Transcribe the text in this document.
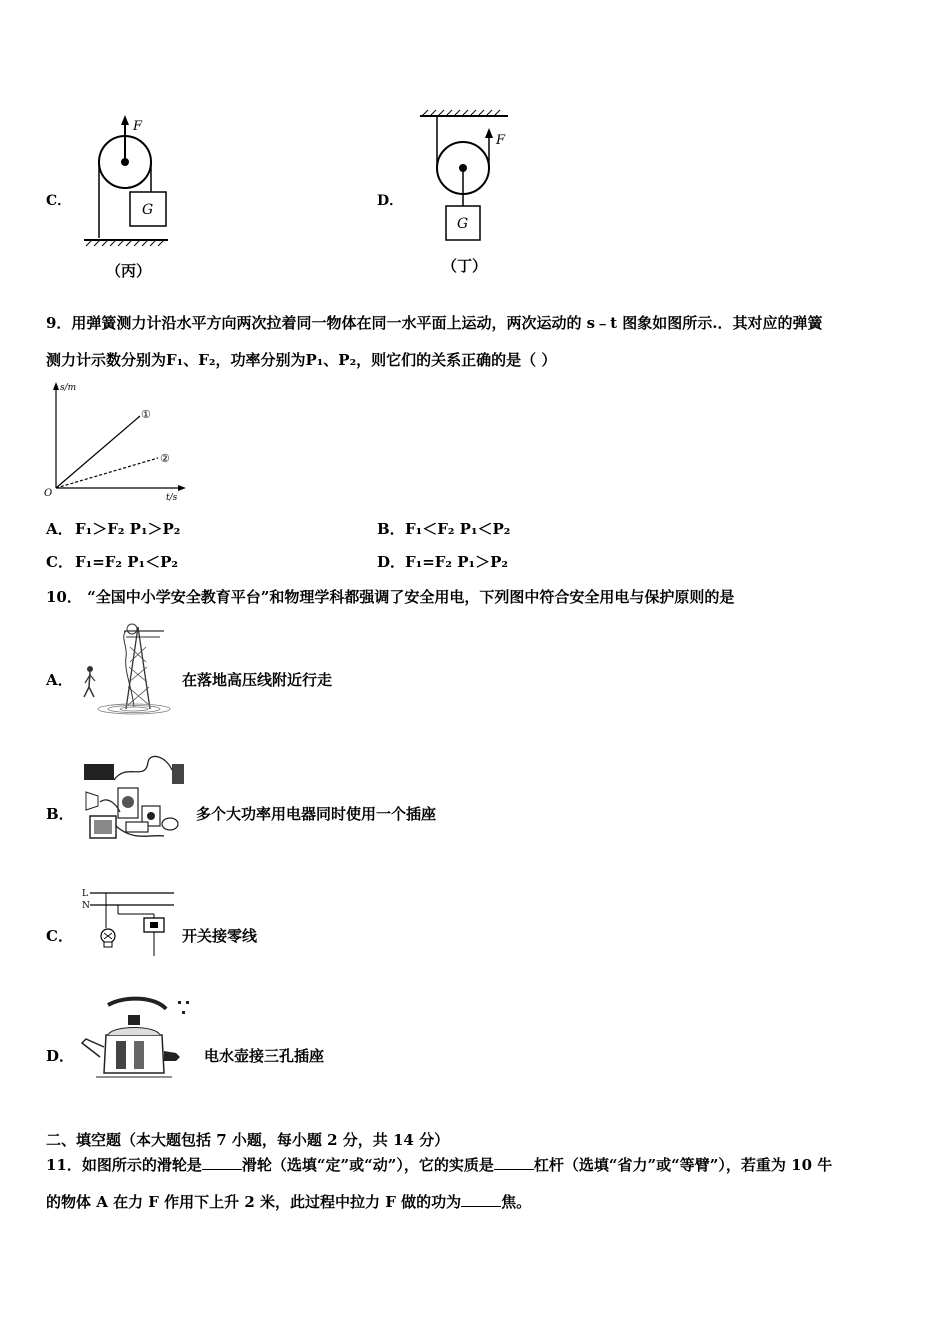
C．
F
G
（丙）
D．
F
G
（丁）
9．用弹簧测力计沿水平方向两次拉着同一物体在同一水平面上运动，两次运动的 s﹣t 图象如图所示.．其对应的弹簧
测力计示数分别为F₁、F₂，功率分别为P₁、P₂，则它们的关系正确的是（ ）
s/m
t/s
O
①
②
A． F₁＞F₂ P₁＞P₂	B． F₁＜F₂ P₁＜P₂
C． F₁=F₂ P₁＜P₂	D． F₁=F₂ P₁＞P₂
10． “全国中小学安全教育平台”和物理学科都强调了安全用电，下列图中符合安全用电与保护原则的是
A．	在落地高压线附近行走
B．	多个大功率用电器同时使用一个插座
C．
L
N
开关接零线
D．	电水壶接三孔插座
二、填空题（本大题包括 7 小题，每小题 2 分，共 14 分）
11．如图所示的滑轮是	滑轮（选填“定”或“动”），它的实质是	杠杆（选填“省力”或“等臂”），若重为 10 牛
的物体 A 在力 F 作用下上升 2 米，此过程中拉力 F 做的功为	焦。
